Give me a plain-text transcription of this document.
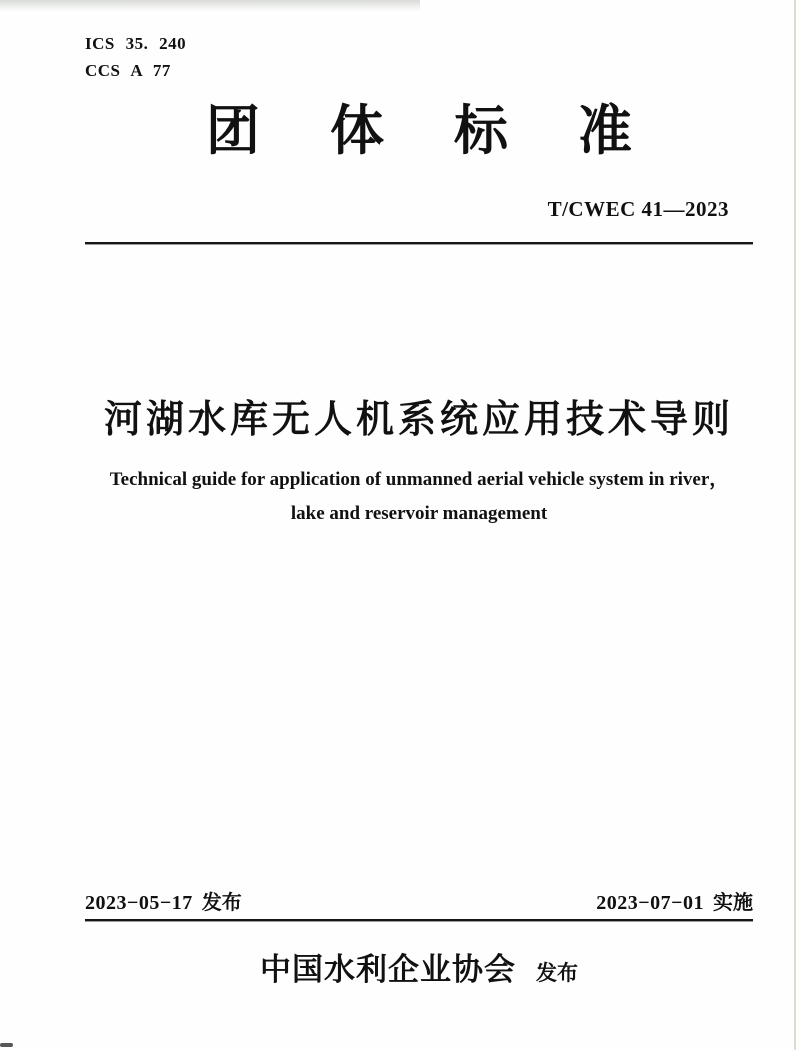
ICS 35. 240
CCS A 77
团 体 标 准
T/CWEC 41—2023
河湖水库无人机系统应用技术导则
Technical guide for application of unmanned aerial vehicle system in river，
lake and reservoir management
2023−05−17 发布	2023−07−01 实施
中国水利企业协会 发布
